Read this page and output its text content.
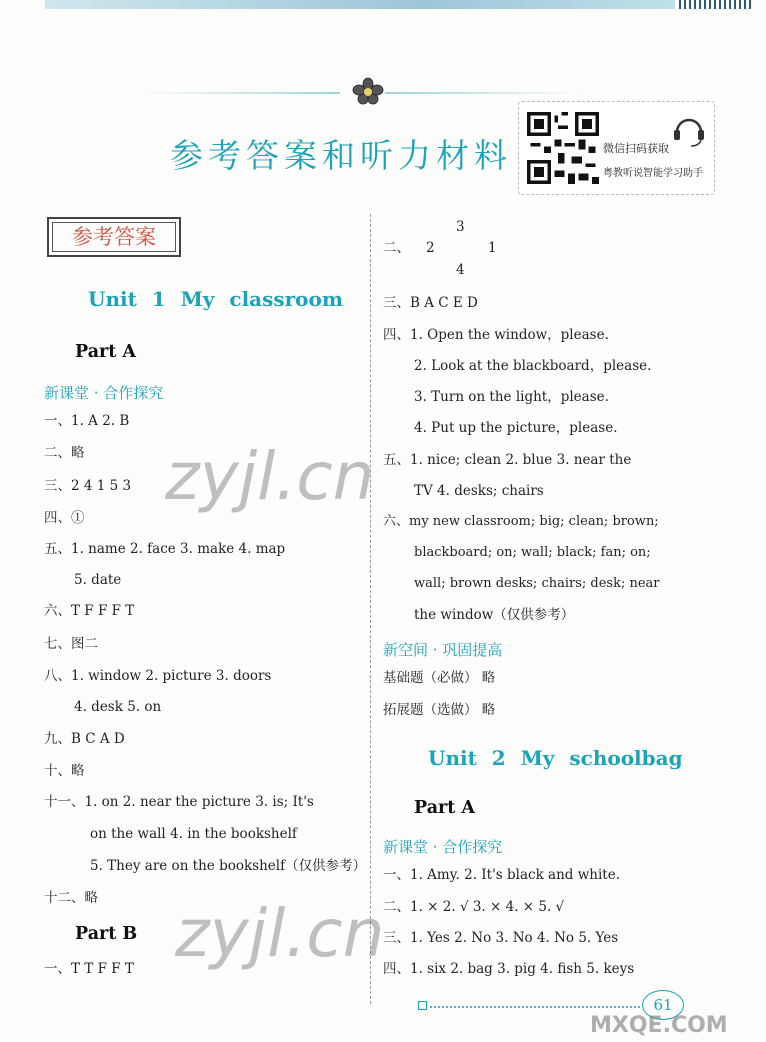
参考答案和听力材料	微信扫码获取
粤教听说智能学习助手
参考答案
Unit 1 My classroom
Part A
新课堂 · 合作探究
一、1. A 2. B
二、略
三、2 4 1 5 3
四、①
五、1. name 2. face 3. make 4. map
5. date
六、T F F F T
七、图二
八、1. window 2. picture 3. doors
4. desk 5. on
九、B C A D
十、略
十一、1. on 2. near the picture 3. is; It's
on the wall 4. in the bookshelf
5. They are on the bookshelf（仅供参考）
十二、略
Part B
一、T T F F T
3
二、 2	1
4
三、B A C E D
四、1. Open the window，please.
2. Look at the blackboard，please.
3. Turn on the light，please.
4. Put up the picture，please.
五、1. nice; clean 2. blue 3. near the
TV 4. desks; chairs
六、my new classroom; big; clean; brown;
blackboard; on; wall; black; fan; on;
wall; brown desks; chairs; desk; near
the window（仅供参考）
新空间 · 巩固提高
基础题（必做） 略
拓展题（选做） 略
Unit 2 My schoolbag
Part A
新课堂 · 合作探究
一、1. Amy. 2. It's black and white.
二、1. × 2. √ 3. × 4. × 5. √
三、1. Yes 2. No 3. No 4. No 5. Yes
四、1. six 2. bag 3. pig 4. fish 5. keys
zyjl.cn
zyjl.cn
61
MXQE.COM
